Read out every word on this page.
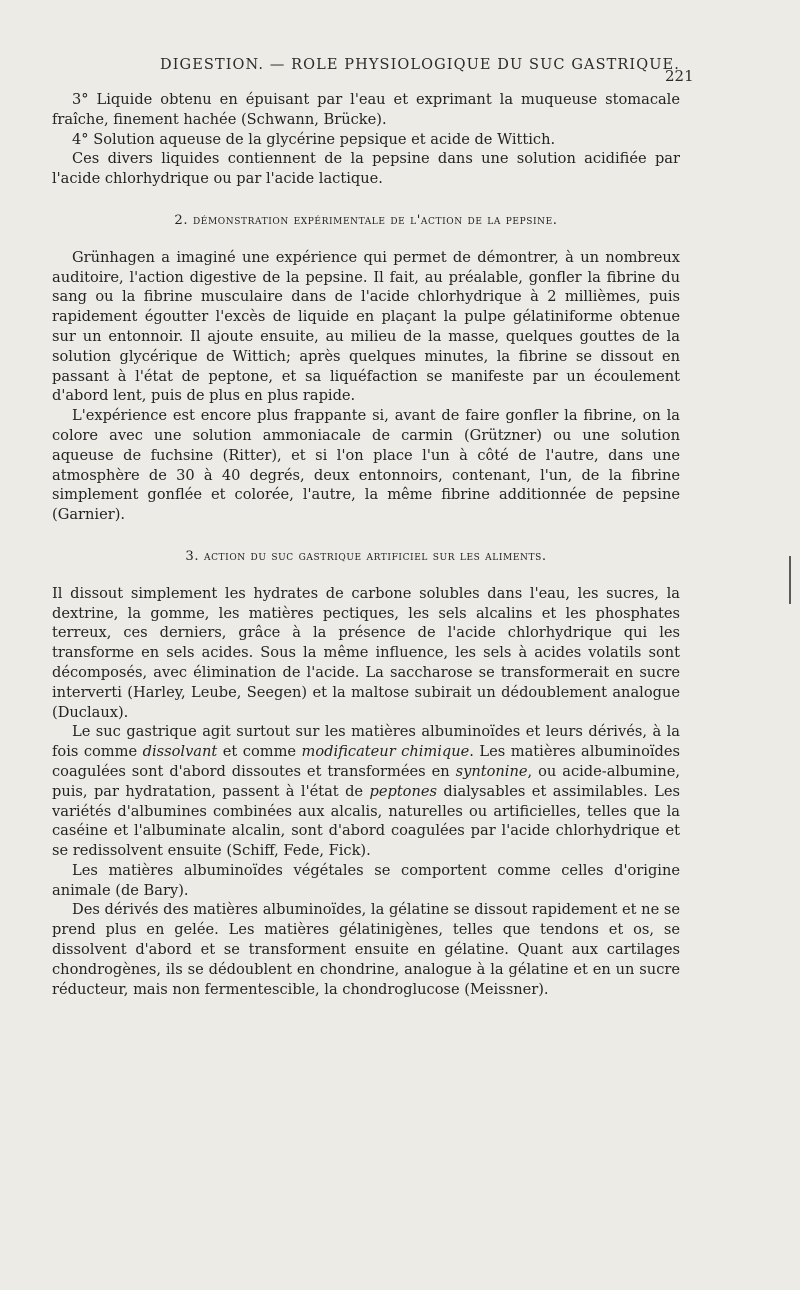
DIGESTION. — ROLE PHYSIOLOGIQUE DU SUC GASTRIQUE.
221

3° Liquide obtenu en épuisant par l'eau et exprimant la muqueuse stomacale fraîche, finement hachée (Schwann, Brücke).

4° Solution aqueuse de la glycérine pepsique et acide de Wittich.

Ces divers liquides contiennent de la pepsine dans une solution acidifiée par l'acide chlorhydrique ou par l'acide lactique.

2. démonstration expérimentale de l'action de la pepsine.

Grünhagen a imaginé une expérience qui permet de démontrer, à un nombreux auditoire, l'action digestive de la pepsine. Il fait, au préalable, gonfler la fibrine du sang ou la fibrine musculaire dans de l'acide chlorhydrique à 2 millièmes, puis rapidement égoutter l'excès de liquide en plaçant la pulpe gélatiniforme obtenue sur un entonnoir. Il ajoute ensuite, au milieu de la masse, quelques gouttes de la solution glycérique de Wittich; après quelques minutes, la fibrine se dissout en passant à l'état de peptone, et sa liquéfaction se manifeste par un écoulement d'abord lent, puis de plus en plus rapide.

L'expérience est encore plus frappante si, avant de faire gonfler la fibrine, on la colore avec une solution ammoniacale de carmin (Grützner) ou une solution aqueuse de fuchsine (Ritter), et si l'on place l'un à côté de l'autre, dans une atmosphère de 30 à 40 degrés, deux entonnoirs, contenant, l'un, de la fibrine simplement gonflée et colorée, l'autre, la même fibrine additionnée de pepsine (Garnier).

3. action du suc gastrique artificiel sur les aliments.

Il dissout simplement les hydrates de carbone solubles dans l'eau, les sucres, la dextrine, la gomme, les matières pectiques, les sels alcalins et les phosphates terreux, ces derniers, grâce à la présence de l'acide chlorhydrique qui les transforme en sels acides. Sous la même influence, les sels à acides volatils sont décomposés, avec élimination de l'acide. La saccharose se transformerait en sucre interverti (Harley, Leube, Seegen) et la maltose subirait un dédoublement analogue (Duclaux).

Le suc gastrique agit surtout sur les matières albuminoïdes et leurs dérivés, à la fois comme dissolvant et comme modificateur chimique. Les matières albuminoïdes coagulées sont d'abord dissoutes et transformées en syntonine, ou acide-albumine, puis, par hydratation, passent à l'état de peptones dialysables et assimilables. Les variétés d'albumines combinées aux alcalis, naturelles ou artificielles, telles que la caséine et l'albuminate alcalin, sont d'abord coagulées par l'acide chlorhydrique et se redissolvent ensuite (Schiff, Fede, Fick).

Les matières albuminoïdes végétales se comportent comme celles d'origine animale (de Bary).

Des dérivés des matières albuminoïdes, la gélatine se dissout rapidement et ne se prend plus en gelée. Les matières gélatinigènes, telles que tendons et os, se dissolvent d'abord et se transforment ensuite en gélatine. Quant aux cartilages chondrogènes, ils se dédoublent en chondrine, analogue à la gélatine et en un sucre réducteur, mais non fermentescible, la chondroglucose (Meissner).
